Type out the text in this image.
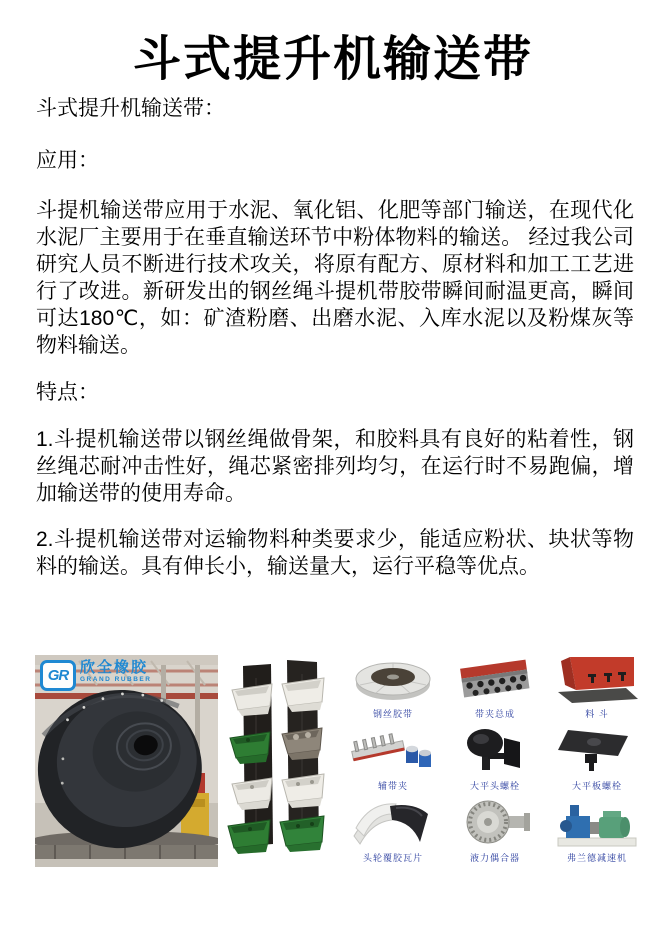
斗式提升机输送带
斗式提升机输送带：
应用：
斗提机输送带应用于水泥、氧化铝、化肥等部门输送，在现代化水泥厂主要用于在垂直输送环节中粉体物料的输送。 经过我公司研究人员不断进行技术攻关，将原有配方、原材料和加工工艺进行了改进。新研发出的钢丝绳斗提机带胶带瞬间耐温更高，瞬间可达180℃，如：矿渣粉磨、出磨水泥、入库水泥以及粉煤灰等物料输送。
特点：
1.斗提机输送带以钢丝绳做骨架，和胶料具有良好的粘着性，钢丝绳芯耐冲击性好，绳芯紧密排列均匀，在运行时不易跑偏，增加输送带的使用寿命。
2.斗提机输送带对运输物料种类要求少，能适应粉状、块状等物料的输送。具有伸长小，输送量大，运行平稳等优点。
GR 欣全橡胶
GRAND RUBBER
钢丝胶带	带夹总成	料 斗
辅带夹	大平头螺栓	大平板螺栓
头轮覆胶瓦片	液力偶合器	弗兰德减速机
